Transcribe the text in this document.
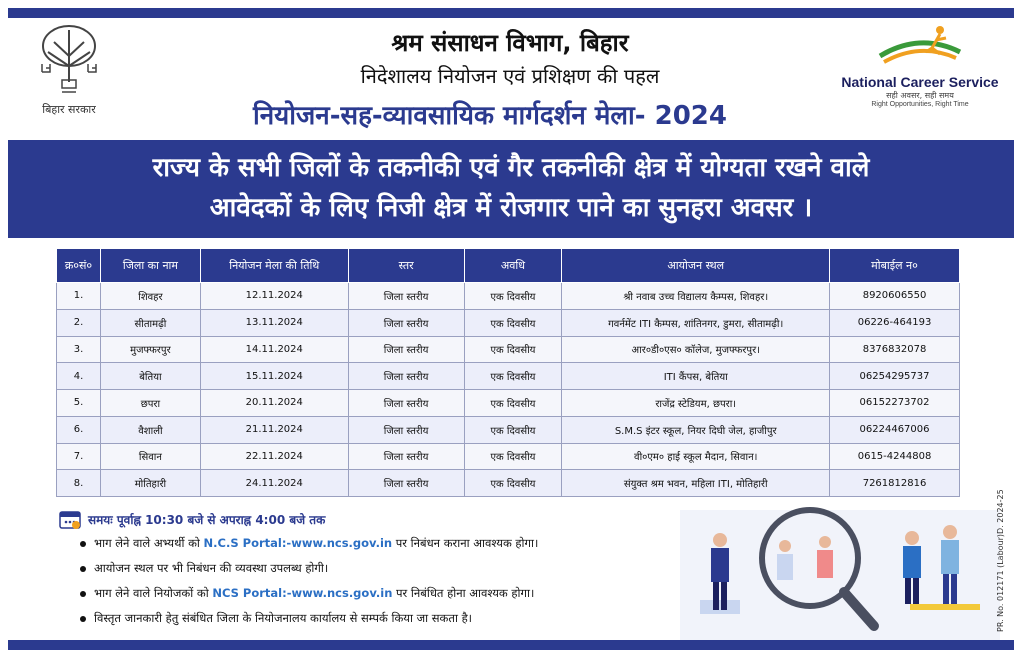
बिहार सरकार
श्रम संसाधन विभाग, बिहार
निदेशालय नियोजन एवं प्रशिक्षण की पहल
नियोजन-सह-व्यावसायिक मार्गदर्शन मेला- 2024
National Career Service
सही अवसर, सही समय
Right Opportunities, Right Time
राज्य के सभी जिलों के तकनीकी एवं गैर तकनीकी क्षेत्र में योग्यता रखने वाले
आवेदकों के लिए निजी क्षेत्र में रोजगार पाने का सुनहरा अवसर ।
क्र०सं०	जिला का नाम	नियोजन मेला की तिथि	स्तर	अवधि	आयोजन स्थल	मोबाईल न०
1.	शिवहर	12.11.2024	जिला स्तरीय	एक दिवसीय	श्री नवाब उच्च विद्यालय कैम्पस, शिवहर।	8920606550
2.	सीतामढ़ी	13.11.2024	जिला स्तरीय	एक दिवसीय	गवर्नमेंट ITI कैम्पस, शांतिनगर, डुमरा, सीतामढ़ी।	06226-464193
3.	मुजफ्फरपुर	14.11.2024	जिला स्तरीय	एक दिवसीय	आर०डी०एस० कॉलेज, मुजफ्फरपुर।	8376832078
4.	बेतिया	15.11.2024	जिला स्तरीय	एक दिवसीय	ITI कैंपस, बेतिया	06254295737
5.	छपरा	20.11.2024	जिला स्तरीय	एक दिवसीय	राजेंद्र स्टेडियम, छपरा।	06152273702
6.	वैशाली	21.11.2024	जिला स्तरीय	एक दिवसीय	S.M.S इंटर स्कूल, नियर दिघी जेल, हाजीपुर	06224467006
7.	सिवान	22.11.2024	जिला स्तरीय	एक दिवसीय	वी०एम० हाई स्कूल मैदान, सिवान।	0615-4244808
8.	मोतिहारी	24.11.2024	जिला स्तरीय	एक दिवसीय	संयुक्त श्रम भवन, महिला ITI, मोतिहारी	7261812816
समयः पूर्वाह्न 10:30 बजे से अपराह्न 4:00 बजे तक
भाग लेने वाले अभ्यर्थी को N.C.S Portal:-www.ncs.gov.in पर निबंधन कराना आवश्यक होगा।
आयोजन स्थल पर भी निबंधन की व्यवस्था उपलब्ध होगी।
भाग लेने वाले नियोजकों को NCS Portal:-www.ncs.gov.in पर निबंधित होना आवश्यक होगा।
विस्तृत जानकारी हेतु संबंधित जिला के नियोजनालय कार्यालय से सम्पर्क किया जा सकता है।	PR. No. 012171 (Labour)D. 2024-25
